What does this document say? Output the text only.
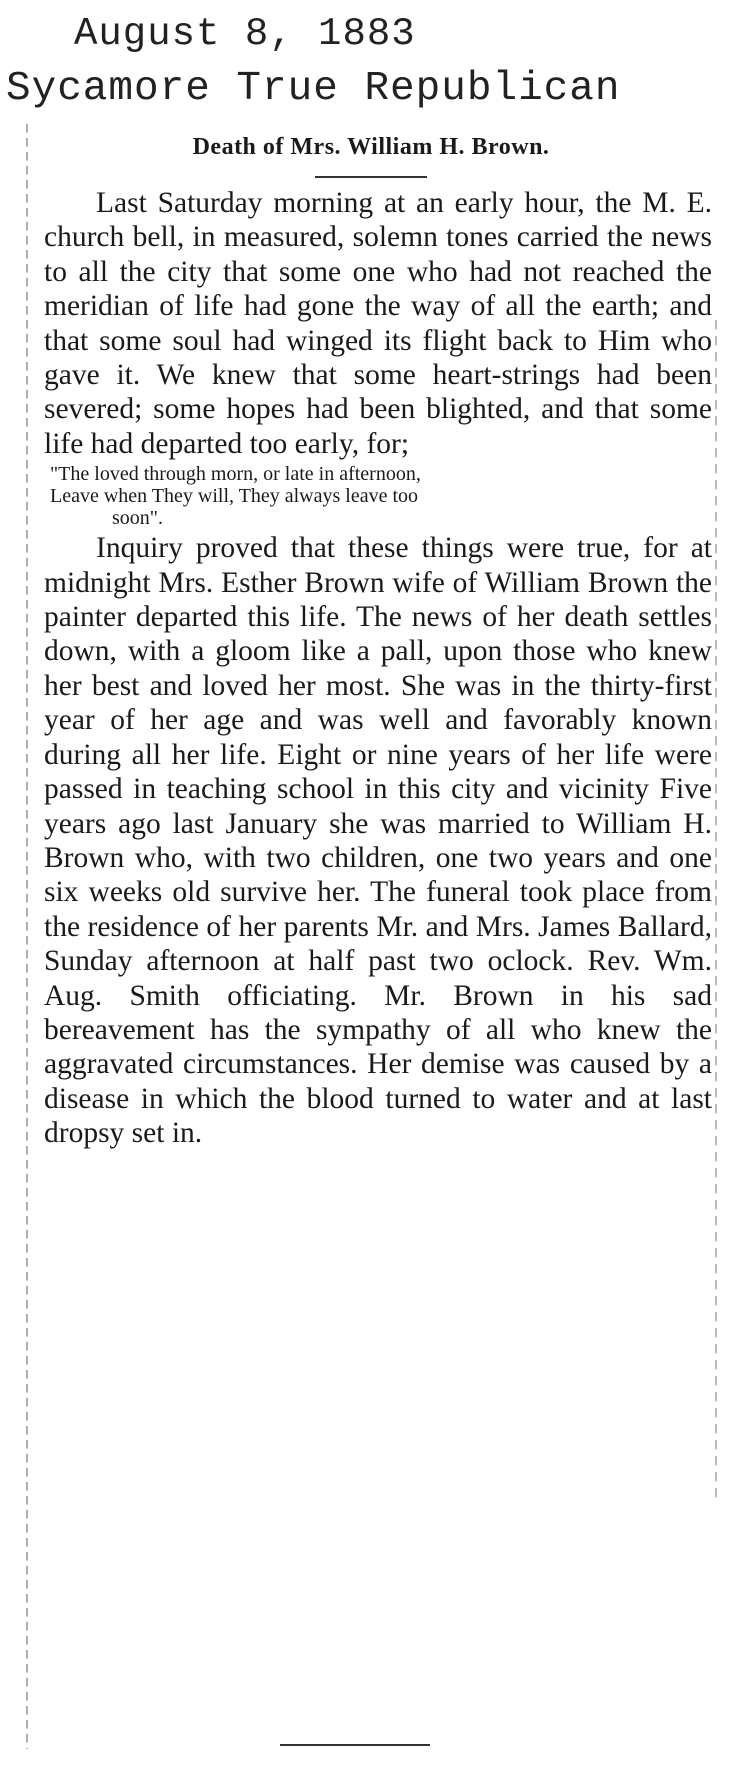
August 8, 1883
Sycamore True Republican
Death of Mrs. William H. Brown.

Last Saturday morning at an early hour, the M. E. church bell, in measured, solemn tones carried the news to all the city that some one who had not reached the meridian of life had gone the way of all the earth; and that some soul had winged its flight back to Him who gave it. We knew that some heart-strings had been severed; some hopes had been blighted, and that some life had departed too early, for;

"The loved through morn, or late in afternoon,
Leave when They will, They always leave too
soon".

Inquiry proved that these things were true, for at midnight Mrs. Esther Brown wife of William Brown the painter departed this life. The news of her death settles down, with a gloom like a pall, upon those who knew her best and loved her most. She was in the thirty-first year of her age and was well and favorably known during all her life. Eight or nine years of her life were passed in teaching school in this city and vicinity Five years ago last January she was married to William H. Brown who, with two children, one two years and one six weeks old survive her. The funeral took place from the residence of her parents Mr. and Mrs. James Ballard, Sunday afternoon at half past two oclock. Rev. Wm. Aug. Smith officiating. Mr. Brown in his sad bereavement has the sympathy of all who knew the aggravated circumstances. Her demise was caused by a disease in which the blood turned to water and at last dropsy set in.
